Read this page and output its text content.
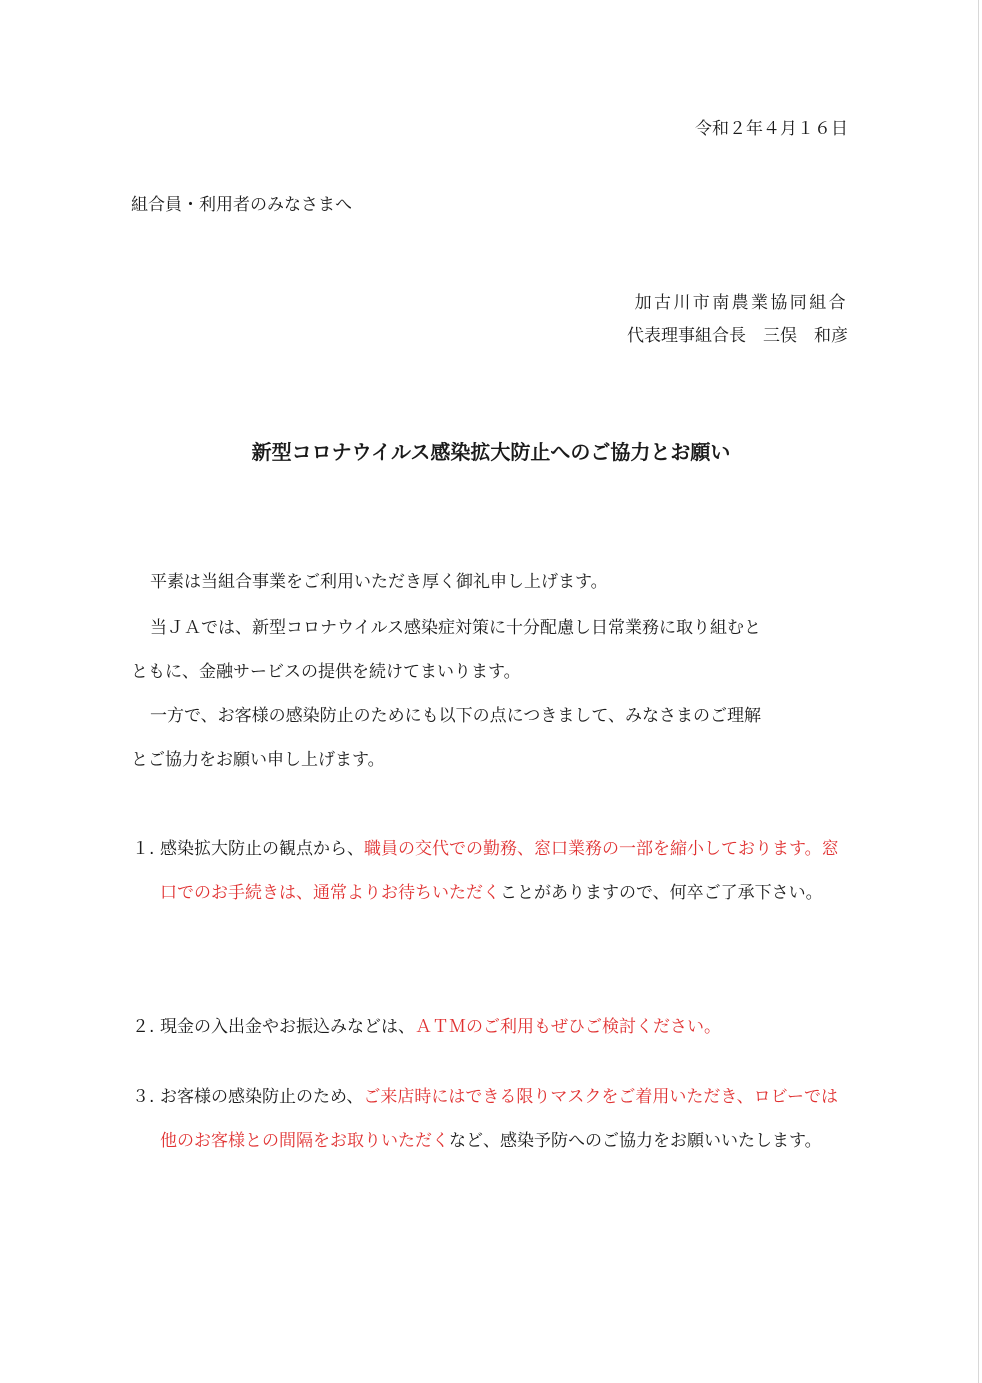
令和２年４月１６日
組合員・利用者のみなさまへ
加古川市南農業協同組合
代表理事組合長　三俣　和彦
新型コロナウイルス感染拡大防止へのご協力とお願い
平素は当組合事業をご利用いただき厚く御礼申し上げます。
当ＪＡでは、新型コロナウイルス感染症対策に十分配慮し日常業務に取り組むと
ともに、金融サービスの提供を続けてまいります。
一方で、お客様の感染防止のためにも以下の点につきまして、みなさまのご理解
とご協力をお願い申し上げます。
１. 感染拡大防止の観点から、職員の交代での勤務、窓口業務の一部を縮小しております。窓口でのお手続きは、通常よりお待ちいただくことがありますので、何卒ご了承下さい。
２. 現金の入出金やお振込みなどは、ＡＴＭのご利用もぜひご検討ください。
３. お客様の感染防止のため、ご来店時にはできる限りマスクをご着用いただき、ロビーでは他のお客様との間隔をお取りいただくなど、感染予防へのご協力をお願いいたします。
